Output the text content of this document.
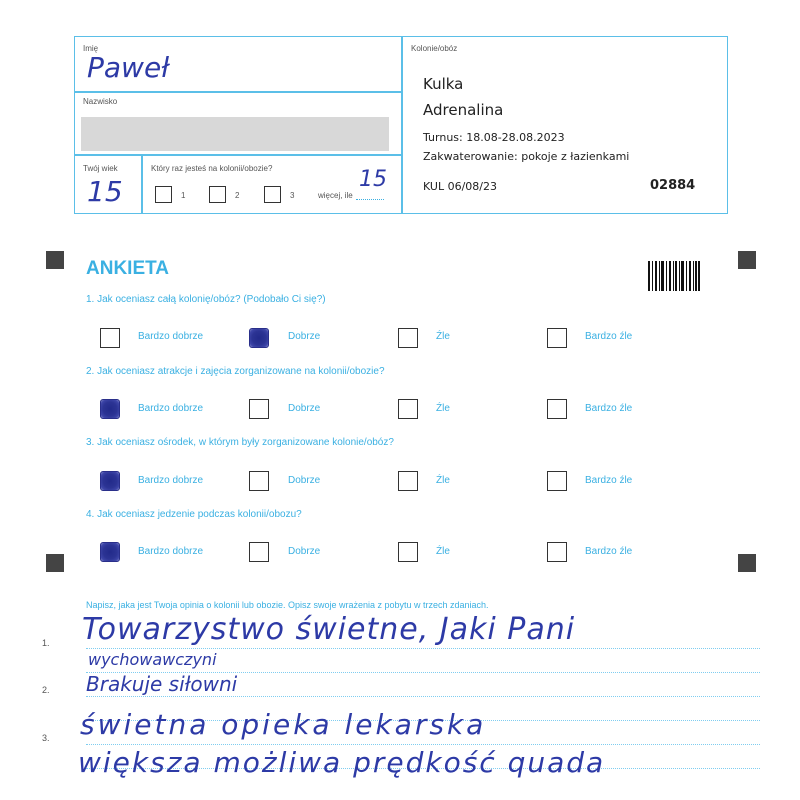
Imię
Paweł
Nazwisko
Twój wiek
15
Który raz jesteś na kolonii/obozie?
1	2	3	więcej, ile
15
Kolonie/obóz
Kulka
Adrenalina
Turnus: 18.08-28.08.2023
Zakwaterowanie: pokoje z łazienkami
KUL 06/08/23	02884
ANKIETA
1. Jak oceniasz całą kolonię/obóz? (Podobało Ci się?)
Bardzo dobrze	Dobrze	Źle	Bardzo źle
2. Jak oceniasz atrakcje i zajęcia zorganizowane na kolonii/obozie?
Bardzo dobrze	Dobrze	Źle	Bardzo źle
3. Jak oceniasz ośrodek, w którym były zorganizowane kolonie/obóz?
Bardzo dobrze	Dobrze	Źle	Bardzo źle
4. Jak oceniasz jedzenie podczas kolonii/obozu?
Bardzo dobrze	Dobrze	Źle	Bardzo źle
Napisz, jaka jest Twoja opinia o kolonii lub obozie. Opisz swoje wrażenia z pobytu w trzech zdaniach.
1.
2.
3.
Towarzystwo świetne, Jaki Pani
wychowawczyni
Brakuje siłowni
świetna opieka lekarska
większa możliwa prędkość quada
